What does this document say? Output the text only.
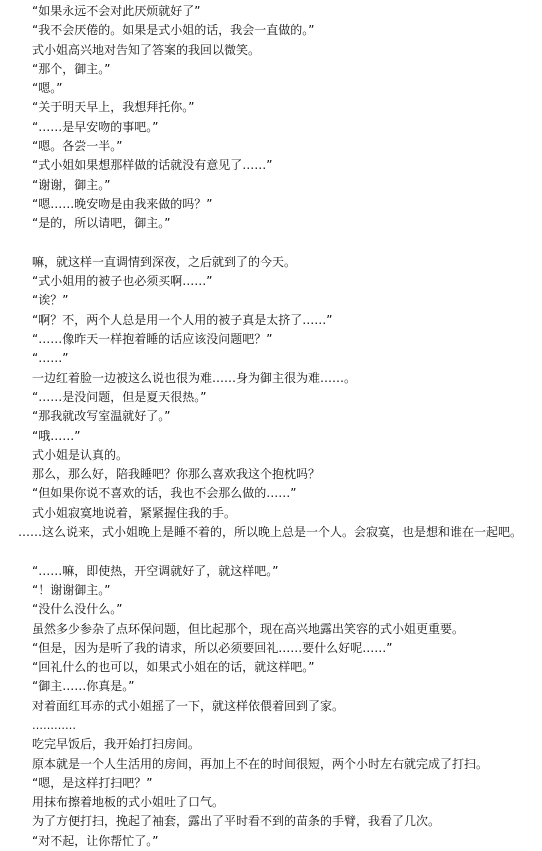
“如果永远不会对此厌烦就好了”
“我不会厌倦的。如果是式小姐的话，我会一直做的。”
式小姐高兴地对告知了答案的我回以微笑。
“那个，御主。”
“嗯。”
“关于明天早上，我想拜托你。”
“……是早安吻的事吧。”
“嗯。各尝一半。”
“式小姐如果想那样做的话就没有意见了……”
“谢谢，御主。”
“嗯……晚安吻是由我来做的吗？”
“是的，所以请吧，御主。”
嘛，就这样一直调情到深夜，之后就到了的今天。
“式小姐用的被子也必须买啊……”
“诶？”
“啊？不，两个人总是用一个人用的被子真是太挤了……”
“……像昨天一样抱着睡的话应该没问题吧？”
“……”
一边红着脸一边被这么说也很为难……身为御主很为难……。
“……是没问题，但是夏天很热。”
“那我就改写室温就好了。”
“哦……”
式小姐是认真的。
那么，那么好，陪我睡吧？你那么喜欢我这个抱枕吗？
“但如果你说不喜欢的话，我也不会那么做的……”
式小姐寂寞地说着，紧紧握住我的手。
……这么说来，式小姐晚上是睡不着的，所以晚上总是一个人。会寂寞，也是想和谁在一起吧。
“……嘛，即使热，开空调就好了，就这样吧。”
“！谢谢御主。”
“没什么没什么。”
虽然多少参杂了点环保问题，但比起那个，现在高兴地露出笑容的式小姐更重要。
“但是，因为是听了我的请求，所以必须要回礼……要什么好呢……”
“回礼什么的也可以，如果式小姐在的话，就这样吧。”
“御主……你真是。”
对着面红耳赤的式小姐摇了一下，就这样依偎着回到了家。
…………
吃完早饭后，我开始打扫房间。
原本就是一个人生活用的房间，再加上不在的时间很短，两个小时左右就完成了打扫。
“嗯，是这样打扫吧？”
用抹布擦着地板的式小姐吐了口气。
为了方便打扫，挽起了袖套，露出了平时看不到的苗条的手臂，我看了几次。
“对不起，让你帮忙了。”
